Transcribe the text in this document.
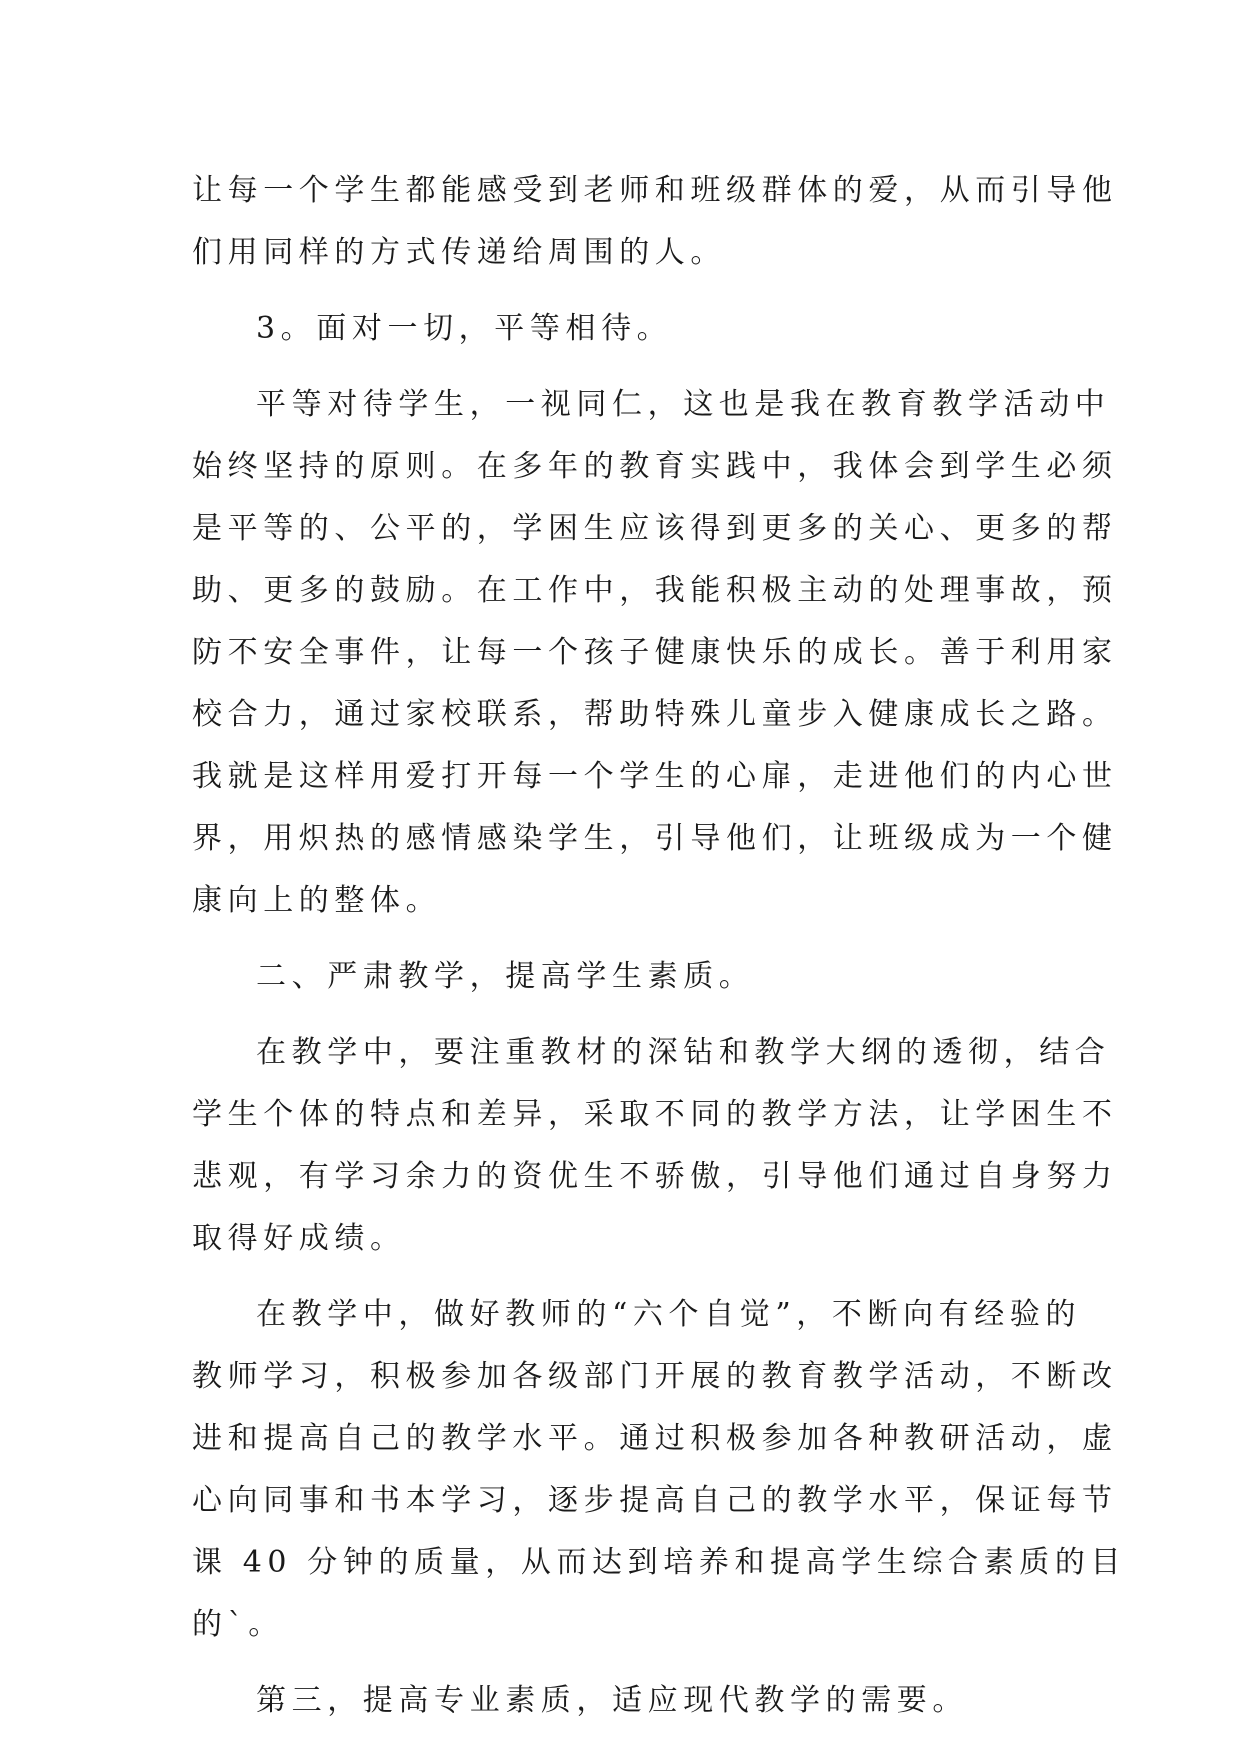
让每一个学生都能感受到老师和班级群体的爱，从而引导他
们用同样的方式传递给周围的人。
3。面对一切，平等相待。
平等对待学生，一视同仁，这也是我在教育教学活动中
始终坚持的原则。在多年的教育实践中，我体会到学生必须
是平等的、公平的，学困生应该得到更多的关心、更多的帮
助、更多的鼓励。在工作中，我能积极主动的处理事故，预
防不安全事件，让每一个孩子健康快乐的成长。善于利用家
校合力，通过家校联系，帮助特殊儿童步入健康成长之路。
我就是这样用爱打开每一个学生的心扉，走进他们的内心世
界，用炽热的感情感染学生，引导他们，让班级成为一个健
康向上的整体。
二、严肃教学，提高学生素质。
在教学中，要注重教材的深钻和教学大纲的透彻，结合
学生个体的特点和差异，采取不同的教学方法，让学困生不
悲观，有学习余力的资优生不骄傲，引导他们通过自身努力
取得好成绩。
在教学中，做好教师的“六个自觉”，不断向有经验的
教师学习，积极参加各级部门开展的教育教学活动，不断改
进和提高自己的教学水平。通过积极参加各种教研活动，虚
心向同事和书本学习，逐步提高自己的教学水平，保证每节
课 40 分钟的质量，从而达到培养和提高学生综合素质的目
的`。
第三，提高专业素质，适应现代教学的需要。
